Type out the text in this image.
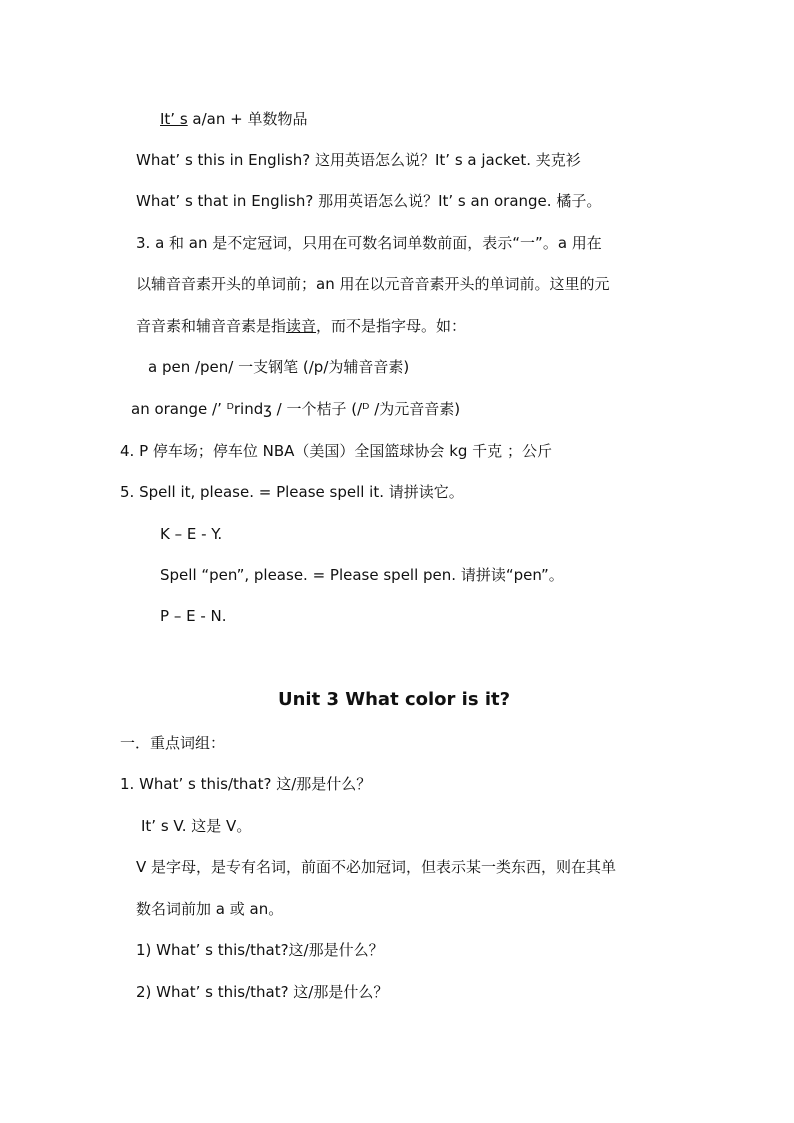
It’ s a/an + 单数物品
What’ s this in English? 这用英语怎么说？It’ s a jacket. 夹克衫
What’ s that in English? 那用英语怎么说？It’ s an orange. 橘子。
3. a 和 an 是不定冠词，只用在可数名词单数前面，表示“一”。a 用在
以辅音音素开头的单词前；an 用在以元音音素开头的单词前。这里的元
音音素和辅音音素是指读音，而不是指字母。如：
a pen /pen/ 一支钢笔 (/p/为辅音音素)
an orange /’ ᴰrindʒ / 一个桔子 (/ᴰ /为元音音素)
4. P 停车场；停车位 NBA（美国）全国篮球协会 kg 千克 ；公斤
5. Spell it, please. = Please spell it. 请拼读它。
K – E - Y.
Spell “pen”, please. = Please spell pen. 请拼读“pen”。
P – E - N.
Unit 3 What color is it?
一．重点词组：
1. What’ s this/that? 这/那是什么？
It’ s V. 这是 V。
V 是字母，是专有名词，前面不必加冠词，但表示某一类东西，则在其单
数名词前加 a 或 an。
1) What’ s this/that?这/那是什么？
2) What’ s this/that? 这/那是什么？
